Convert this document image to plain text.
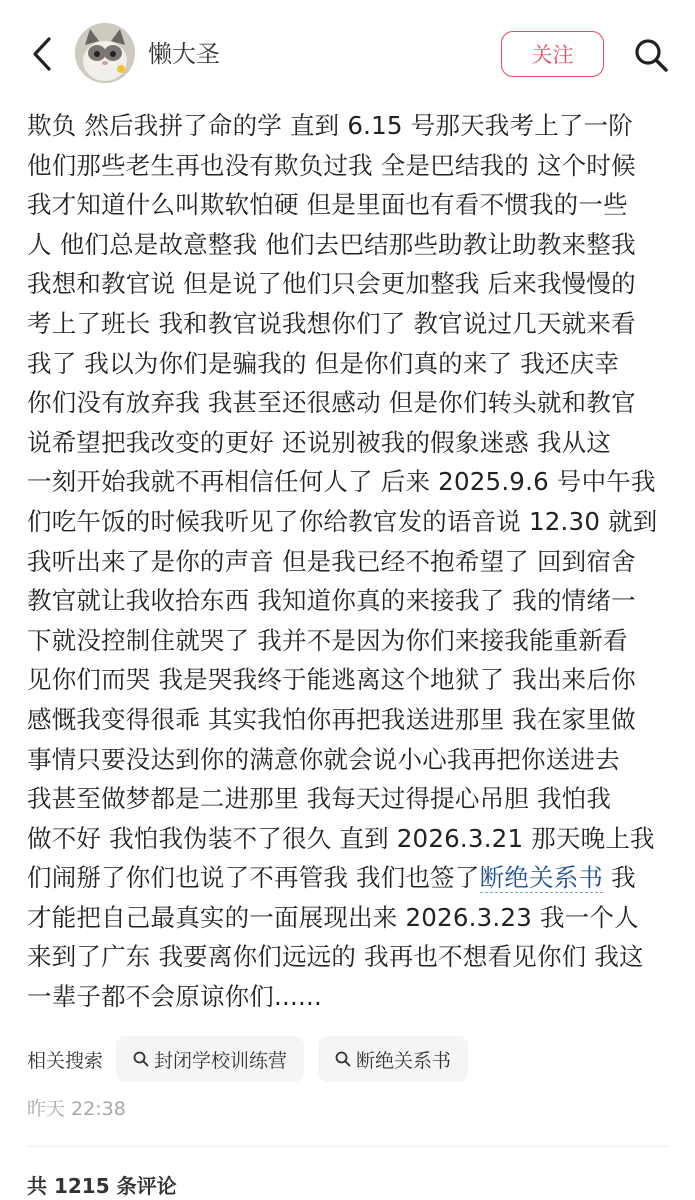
懒大圣	关注
欺负 然后我拼了命的学 直到 6.15 号那天我考上了一阶
他们那些老生再也没有欺负过我 全是巴结我的 这个时候
我才知道什么叫欺软怕硬 但是里面也有看不惯我的一些
人 他们总是故意整我 他们去巴结那些助教让助教来整我
我想和教官说 但是说了他们只会更加整我 后来我慢慢的
考上了班长 我和教官说我想你们了 教官说过几天就来看
我了 我以为你们是骗我的 但是你们真的来了 我还庆幸
你们没有放弃我 我甚至还很感动 但是你们转头就和教官
说希望把我改变的更好 还说别被我的假象迷惑 我从这
一刻开始我就不再相信任何人了 后来 2025.9.6 号中午我
们吃午饭的时候我听见了你给教官发的语音说 12.30 就到
我听出来了是你的声音 但是我已经不抱希望了 回到宿舍
教官就让我收拾东西 我知道你真的来接我了 我的情绪一
下就没控制住就哭了 我并不是因为你们来接我能重新看
见你们而哭 我是哭我终于能逃离这个地狱了 我出来后你
感慨我变得很乖 其实我怕你再把我送进那里 我在家里做
事情只要没达到你的满意你就会说小心我再把你送进去
我甚至做梦都是二进那里 我每天过得提心吊胆 我怕我
做不好 我怕我伪装不了很久 直到 2026.3.21 那天晚上我
们闹掰了你们也说了不再管我 我们也签了断绝关系书 我
才能把自己最真实的一面展现出来 2026.3.23 我一个人
来到了广东 我要离你们远远的 我再也不想看见你们 我这
一辈子都不会原谅你们......
相关搜索	封闭学校训练营	断绝关系书
昨天 22:38
共 1215 条评论
